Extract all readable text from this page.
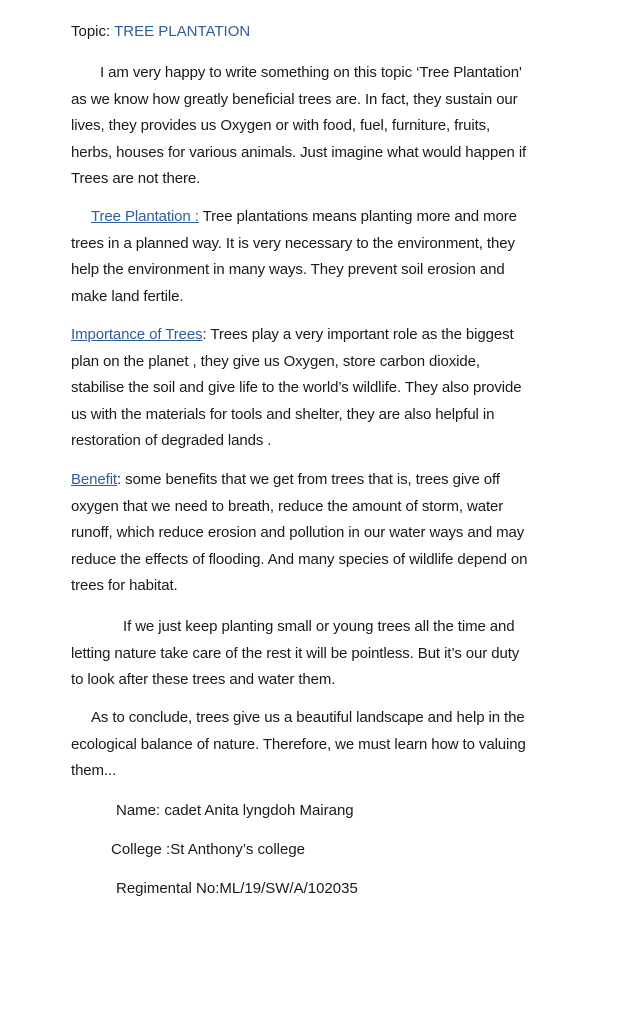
Topic: TREE PLANTATION
I am very happy to write something on this topic ‘Tree Plantation'
as we know how greatly beneficial trees are. In fact, they sustain our
lives, they provides us Oxygen or with food, fuel, furniture, fruits,
herbs, houses for various animals. Just imagine what would happen if
Trees are not there.
Tree Plantation : Tree plantations means planting more and more
trees in a planned way. It is very necessary to the environment, they
help the environment in many ways. They prevent soil erosion and
make land fertile.
Importance of Trees: Trees play a very important role as the biggest
plan on the planet , they give us Oxygen, store carbon dioxide,
stabilise the soil and give life to the world’s wildlife. They also provide
us with the materials for tools and shelter, they are also helpful in
restoration of degraded lands .
Benefit: some benefits that we get from trees that is, trees give off
oxygen that we need to breath, reduce the amount of storm, water
runoff, which reduce erosion and pollution in our water ways and may
reduce the effects of flooding. And many species of wildlife depend on
trees for habitat.
If we just keep planting small or young trees all the time and
letting nature take care of the rest it will be pointless. But it’s our duty
to look after these trees and water them.
As to conclude, trees give us a beautiful landscape and help in the
ecological balance of nature. Therefore, we must learn how to valuing
them...
Name: cadet Anita lyngdoh Mairang
College :St Anthony’s college
Regimental No:ML/19/SW/A/102035
